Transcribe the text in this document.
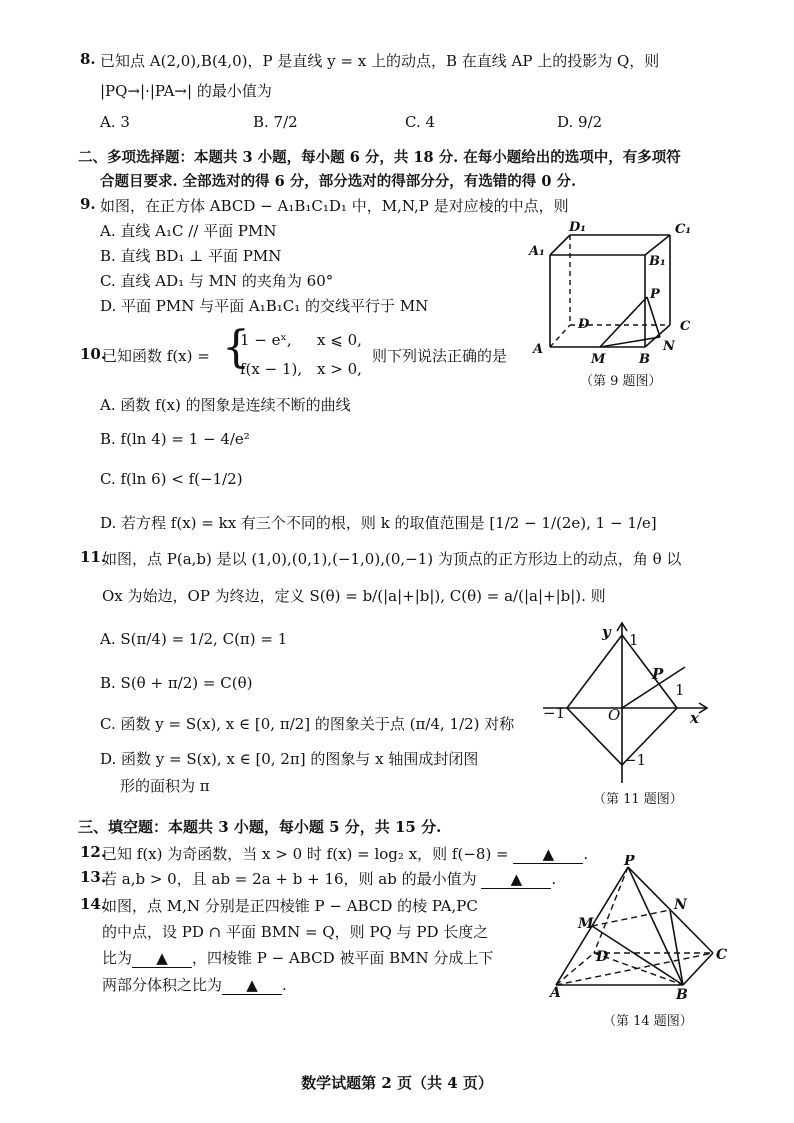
8. 已知点 A(2,0),B(4,0)，P 是直线 y = x 上的动点，B 在直线 AP 上的投影为 Q，则
|PQ→|·|PA→| 的最小值为
A. 3	B. 7/2	C. 4	D. 9/2
二、多项选择题：本题共 3 小题，每小题 6 分，共 18 分. 在每小题给出的选项中，有多项符
合题目要求. 全部选对的得 6 分，部分选对的得部分分，有选错的得 0 分.
9. 如图，在正方体 ABCD − A₁B₁C₁D₁ 中，M,N,P 是对应棱的中点，则
A. 直线 A₁C // 平面 PMN
B. 直线 BD₁ ⊥ 平面 PMN
C. 直线 AD₁ 与 MN 的夹角为 60°
D. 平面 PMN 与平面 A₁B₁C₁ 的交线平行于 MN
D₁	C₁
A₁
B₁
P
D	C
A
M	B
N
（第 9 题图）
10.
已知函数 f(x) = {
1 − eˣ, x ⩽ 0,
f(x − 1), x > 0,
则下列说法正确的是
A. 函数 f(x) 的图象是连续不断的曲线
B. f(ln 4) = 1 − 4/e²
C. f(ln 6) < f(−1/2)
D. 若方程 f(x) = kx 有三个不同的根，则 k 的取值范围是 [1/2 − 1/(2e), 1 − 1/e]
11.
如图，点 P(a,b) 是以 (1,0),(0,1),(−1,0),(0,−1) 为顶点的正方形边上的动点，角 θ 以
Ox 为始边，OP 为终边，定义 S(θ) = b/(|a|+|b|), C(θ) = a/(|a|+|b|). 则
A. S(π/4) = 1/2, C(π) = 1
B. S(θ + π/2) = C(θ)
C. 函数 y = S(x), x ∈ [0, π/2] 的图象关于点 (π/4, 1/2) 对称
D. 函数 y = S(x), x ∈ [0, 2π] 的图象与 x 轴围成封闭图
形的面积为 π
y 1
P
1
−1	O	x
−1
（第 11 题图）
三、填空题：本题共 3 小题，每小题 5 分，共 15 分.
12.
已知 f(x) 为奇函数，当 x > 0 时 f(x) = log₂ x，则 f(−8) = ▲ .
13.
若 a,b > 0，且 ab = 2a + b + 16，则 ab 的最小值为 ▲ .
14.
如图，点 M,N 分别是正四棱锥 P − ABCD 的棱 PA,PC
的中点，设 PD ∩ 平面 BMN = Q，则 PQ 与 PD 长度之
比为 ▲ ，四棱锥 P − ABCD 被平面 BMN 分成上下
两部分体积之比为 ▲ .
P
N
M
D	C
A	B
（第 14 题图）
数学试题第 2 页（共 4 页）
